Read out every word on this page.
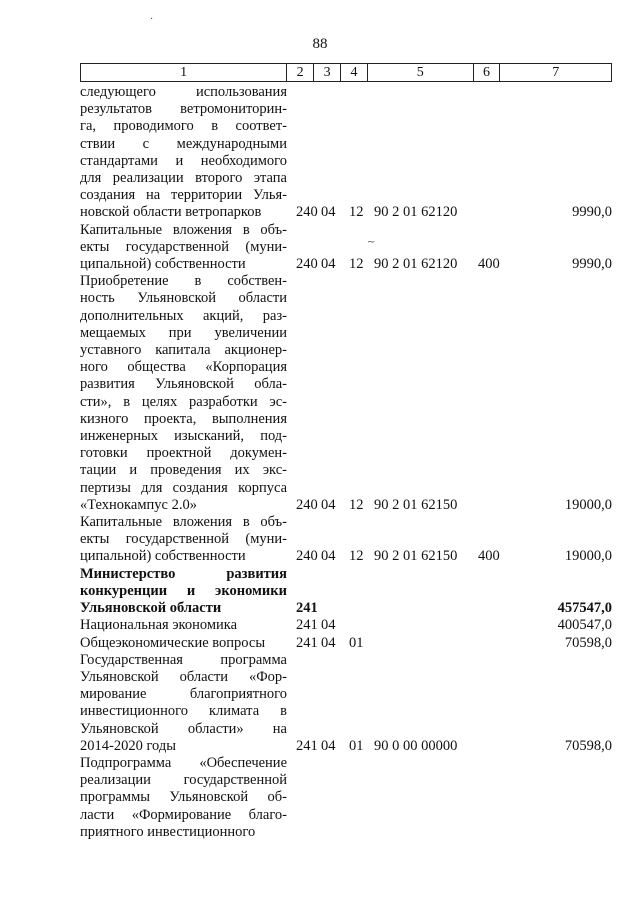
88
1	2	3	4	5	6	7
следующего использования
результатов ветромониторин-
га, проводимого в соответ-
ствии с международными
стандартами и необходимого
для реализации второго этапа
создания на территории Улья-
новской области ветропарков	240 04 12 90 2 01 62120	9990,0
Капитальные вложения в объ-
екты государственной (муни-
ципальной) собственности	240 04 12 90 2 01 62120	400	9990,0
Приобретение в собствен-
ность Ульяновской области
дополнительных акций, раз-
мещаемых при увеличении
уставного капитала акционер-
ного общества «Корпорация
развития Ульяновской обла-
сти», в целях разработки эс-
кизного проекта, выполнения
инженерных изысканий, под-
готовки проектной докумен-
тации и проведения их экс-
пертизы для создания корпуса
«Технокампус 2.0»	240 04 12 90 2 01 62150	19000,0
Капитальные вложения в объ-
екты государственной (муни-
ципальной) собственности	240 04 12 90 2 01 62150	400	19000,0
Министерство развития
конкуренции и экономики
Ульяновской области	241	457547,0
Национальная экономика	241 04	400547,0
Общеэкономические вопросы	241 04 01	70598,0
Государственная программа
Ульяновской области «Фор-
мирование благоприятного
инвестиционного климата в
Ульяновской области» на
2014-2020 годы	241 04 01 90 0 00 00000	70598,0
Подпрограмма «Обеспечение
реализации государственной
программы Ульяновской об-
ласти «Формирование благо-
приятного инвестиционного
·
~
